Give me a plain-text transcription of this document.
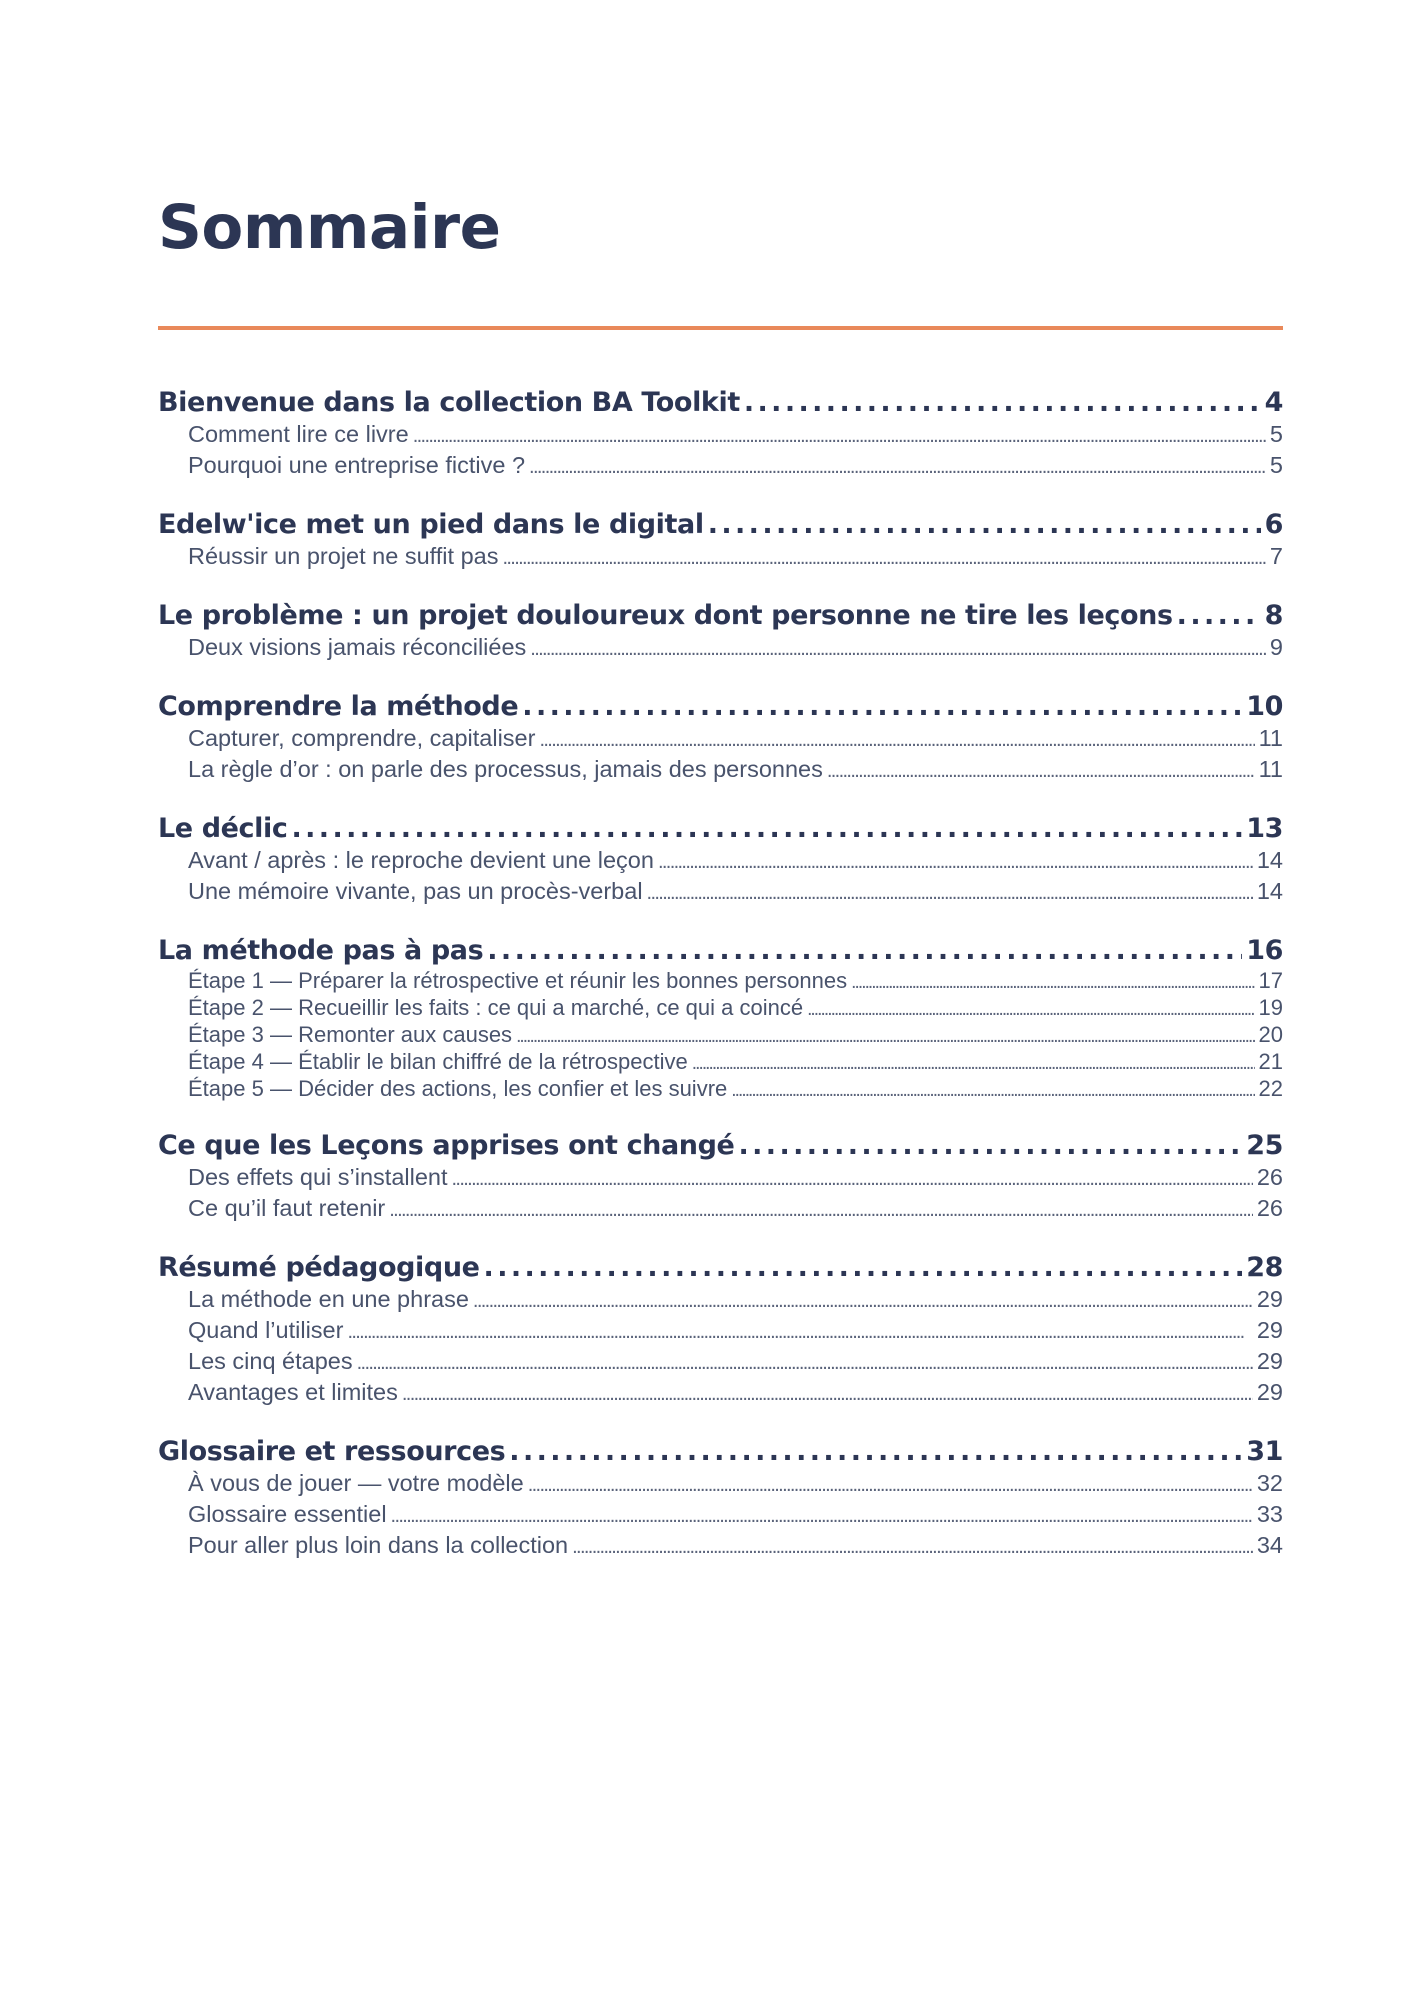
Sommaire
Bienvenue dans la collection BA Toolkit . . .	4
Comment lire ce livre . . .	5
Pourquoi une entreprise fictive ? . . .	5
Edelw'ice met un pied dans le digital . . .	6
Réussir un projet ne suffit pas . . .	7
Le problème : un projet douloureux dont personne ne tire les leçons . . .	8
Deux visions jamais réconciliées . . .	9
Comprendre la méthode . . .	10
Capturer, comprendre, capitaliser . . .	11
La règle d’or : on parle des processus, jamais des personnes . . .	11
Le déclic . . .	13
Avant / après : le reproche devient une leçon . . .	14
Une mémoire vivante, pas un procès-verbal . . .	14
La méthode pas à pas . . .	16
Étape 1 — Préparer la rétrospective et réunir les bonnes personnes . . .	17
Étape 2 — Recueillir les faits : ce qui a marché, ce qui a coincé . . .	19
Étape 3 — Remonter aux causes . . .	20
Étape 4 — Établir le bilan chiffré de la rétrospective . . .	21
Étape 5 — Décider des actions, les confier et les suivre . . .	22
Ce que les Leçons apprises ont changé . . .	25
Des effets qui s’installent . . .	26
Ce qu’il faut retenir . . .	26
Résumé pédagogique . . .	28
La méthode en une phrase . . .	29
Quand l’utiliser . . .	29
Les cinq étapes . . .	29
Avantages et limites . . .	29
Glossaire et ressources . . .	31
À vous de jouer — votre modèle . . .	32
Glossaire essentiel . . .	33
Pour aller plus loin dans la collection . . .	34
